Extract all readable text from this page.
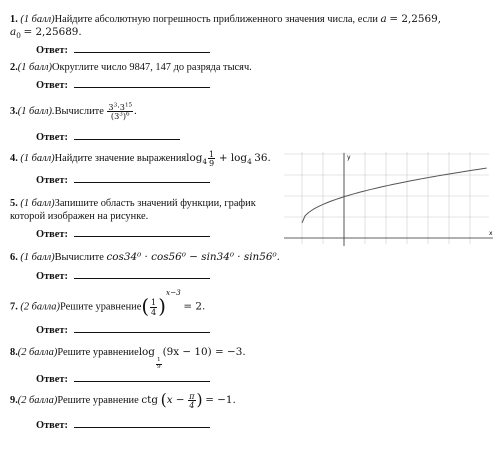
1. (1 балл)Найдите абсолютную погрешность приближенного значения числа, если a = 2,2569,
$a_0 = 2,25689$.
Ответ:
2.(1 балл)Округлите число 9847, 147 до разряда тысяч.
Ответ:
3.(1 балл).Вычислите $\frac{3^3\cdot 3^{15}}{(3^3)^6}$ .
Ответ:
4. (1 балл)Найдите значение выраженияlog$_4$ $\frac{1}{9} + \log_4 36$.
Ответ:
5. (1 балл)Запишите область значений функции, график
которой изображен на рисунке.
Ответ:
y
x
6. (1 балл)Вычислите cos34⁰ · cos56⁰ − sin34⁰ · sin56⁰.
Ответ:
7. (2 балла)Решите уравнение( $\frac{1}{4} )^{x-3} = 2$.
Ответ:
8.(2 балла)Решите уравнениеlog
$\frac{1}{9}$
(9x − 10) = −3.
Ответ:
9.(2 балла)Решите уравнение ctg ($x - \frac{\pi}{4}$ ) = −1.
Ответ:
